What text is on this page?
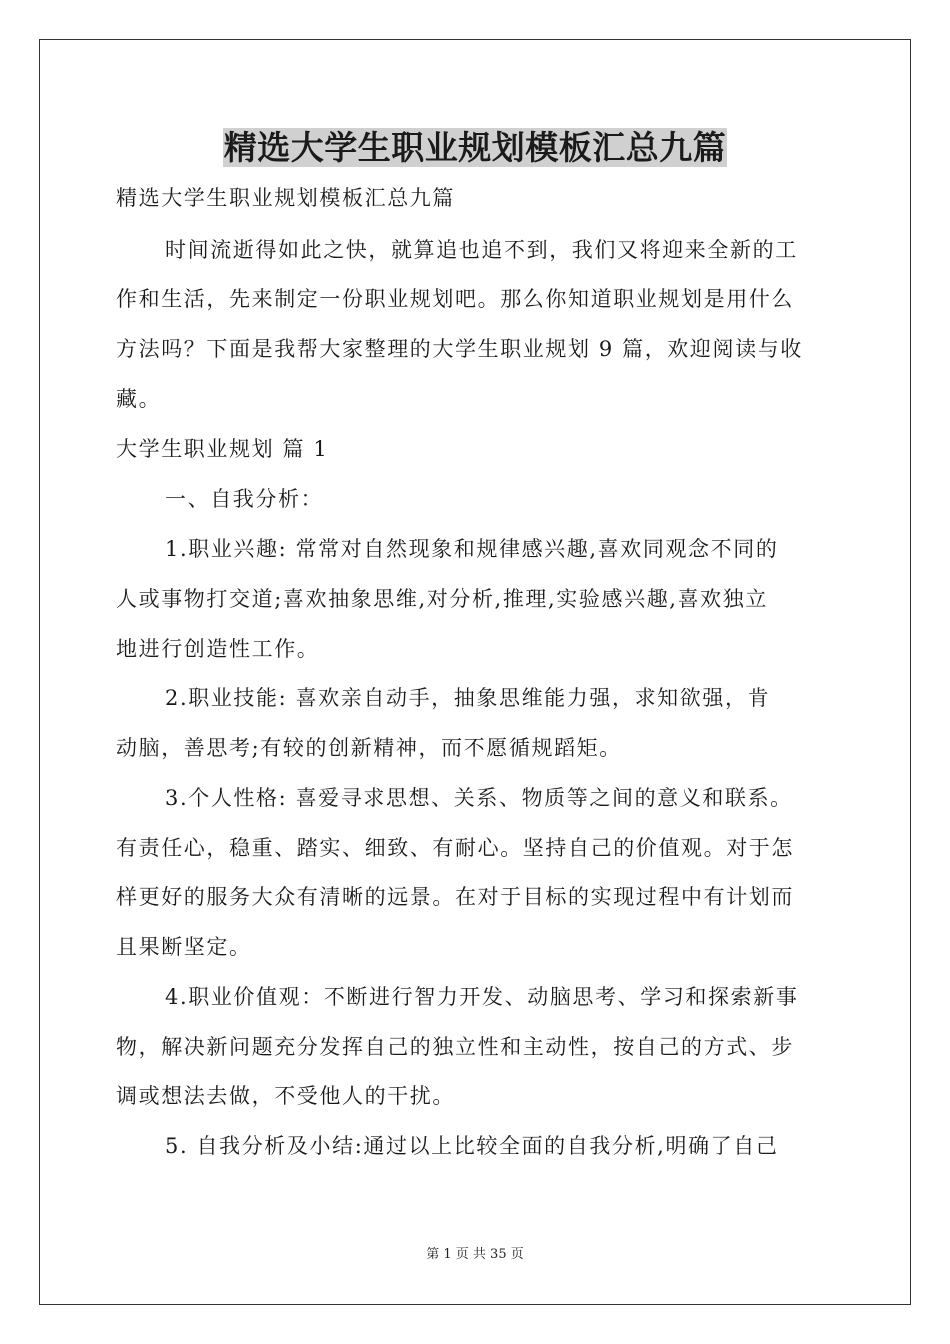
精选大学生职业规划模板汇总九篇
精选大学生职业规划模板汇总九篇
时间流逝得如此之快，就算追也追不到，我们又将迎来全新的工
作和生活，先来制定一份职业规划吧。那么你知道职业规划是用什么
方法吗？下面是我帮大家整理的大学生职业规划 9 篇，欢迎阅读与收
藏。
大学生职业规划 篇 1
一、自我分析：
1.职业兴趣: 常常对自然现象和规律感兴趣,喜欢同观念不同的
人或事物打交道;喜欢抽象思维,对分析,推理,实验感兴趣,喜欢独立
地进行创造性工作。
2.职业技能: 喜欢亲自动手，抽象思维能力强，求知欲强，肯
动脑，善思考;有较的创新精神，而不愿循规蹈矩。
3.个人性格: 喜爱寻求思想、关系、物质等之间的意义和联系。
有责任心，稳重、踏实、细致、有耐心。坚持自己的价值观。对于怎
样更好的服务大众有清晰的远景。在对于目标的实现过程中有计划而
且果断坚定。
4.职业价值观：不断进行智力开发、动脑思考、学习和探索新事
物，解决新问题充分发挥自己的独立性和主动性，按自己的方式、步
调或想法去做，不受他人的干扰。
5. 自我分析及小结:通过以上比较全面的自我分析,明确了自己
第 1 页 共 35 页
